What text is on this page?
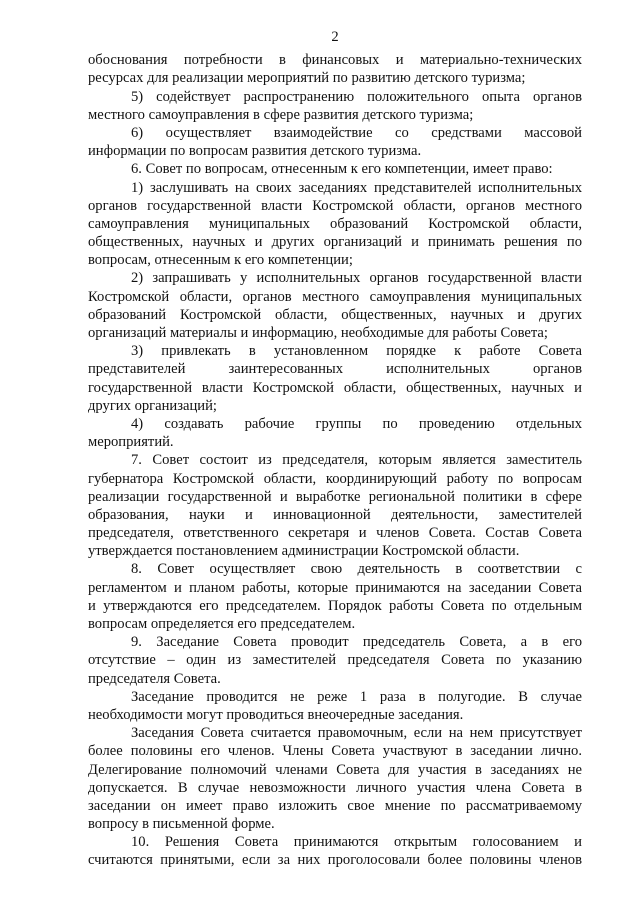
2
обоснования потребности в финансовых и материально-технических
ресурсах для реализации мероприятий по развитию детского туризма;
5) содействует распространению положительного опыта органов
местного самоуправления в сфере развития детского туризма;
6) осуществляет взаимодействие со средствами массовой
информации по вопросам развития детского туризма.
6. Совет по вопросам, отнесенным к его компетенции, имеет право:
1) заслушивать на своих заседаниях представителей исполнительных
органов государственной власти Костромской области, органов местного
самоуправления муниципальных образований Костромской области,
общественных, научных и других организаций и принимать решения по
вопросам, отнесенным к его компетенции;
2) запрашивать у исполнительных органов государственной власти
Костромской области, органов местного самоуправления муниципальных
образований Костромской области, общественных, научных и других
организаций материалы и информацию, необходимые для работы Совета;
3) привлекать в установленном порядке к работе Совета
представителей заинтересованных исполнительных органов
государственной власти Костромской области, общественных, научных и
других организаций;
4) создавать рабочие группы по проведению отдельных
мероприятий.
7. Совет состоит из председателя, которым является заместитель
губернатора Костромской области, координирующий работу по вопросам
реализации государственной и выработке региональной политики в сфере
образования, науки и инновационной деятельности, заместителей
председателя, ответственного секретаря и членов Совета. Состав Совета
утверждается постановлением администрации Костромской области.
8. Совет осуществляет свою деятельность в соответствии с
регламентом и планом работы, которые принимаются на заседании Совета
и утверждаются его председателем. Порядок работы Совета по отдельным
вопросам определяется его председателем.
9. Заседание Совета проводит председатель Совета, а в его
отсутствие – один из заместителей председателя Совета по указанию
председателя Совета.
Заседание проводится не реже 1 раза в полугодие. В случае
необходимости могут проводиться внеочередные заседания.
Заседания Совета считается правомочным, если на нем присутствует
более половины его членов. Члены Совета участвуют в заседании лично.
Делегирование полномочий членами Совета для участия в заседаниях не
допускается. В случае невозможности личного участия члена Совета в
заседании он имеет право изложить свое мнение по рассматриваемому
вопросу в письменной форме.
10. Решения Совета принимаются открытым голосованием и
считаются принятыми, если за них проголосовали более половины членов
